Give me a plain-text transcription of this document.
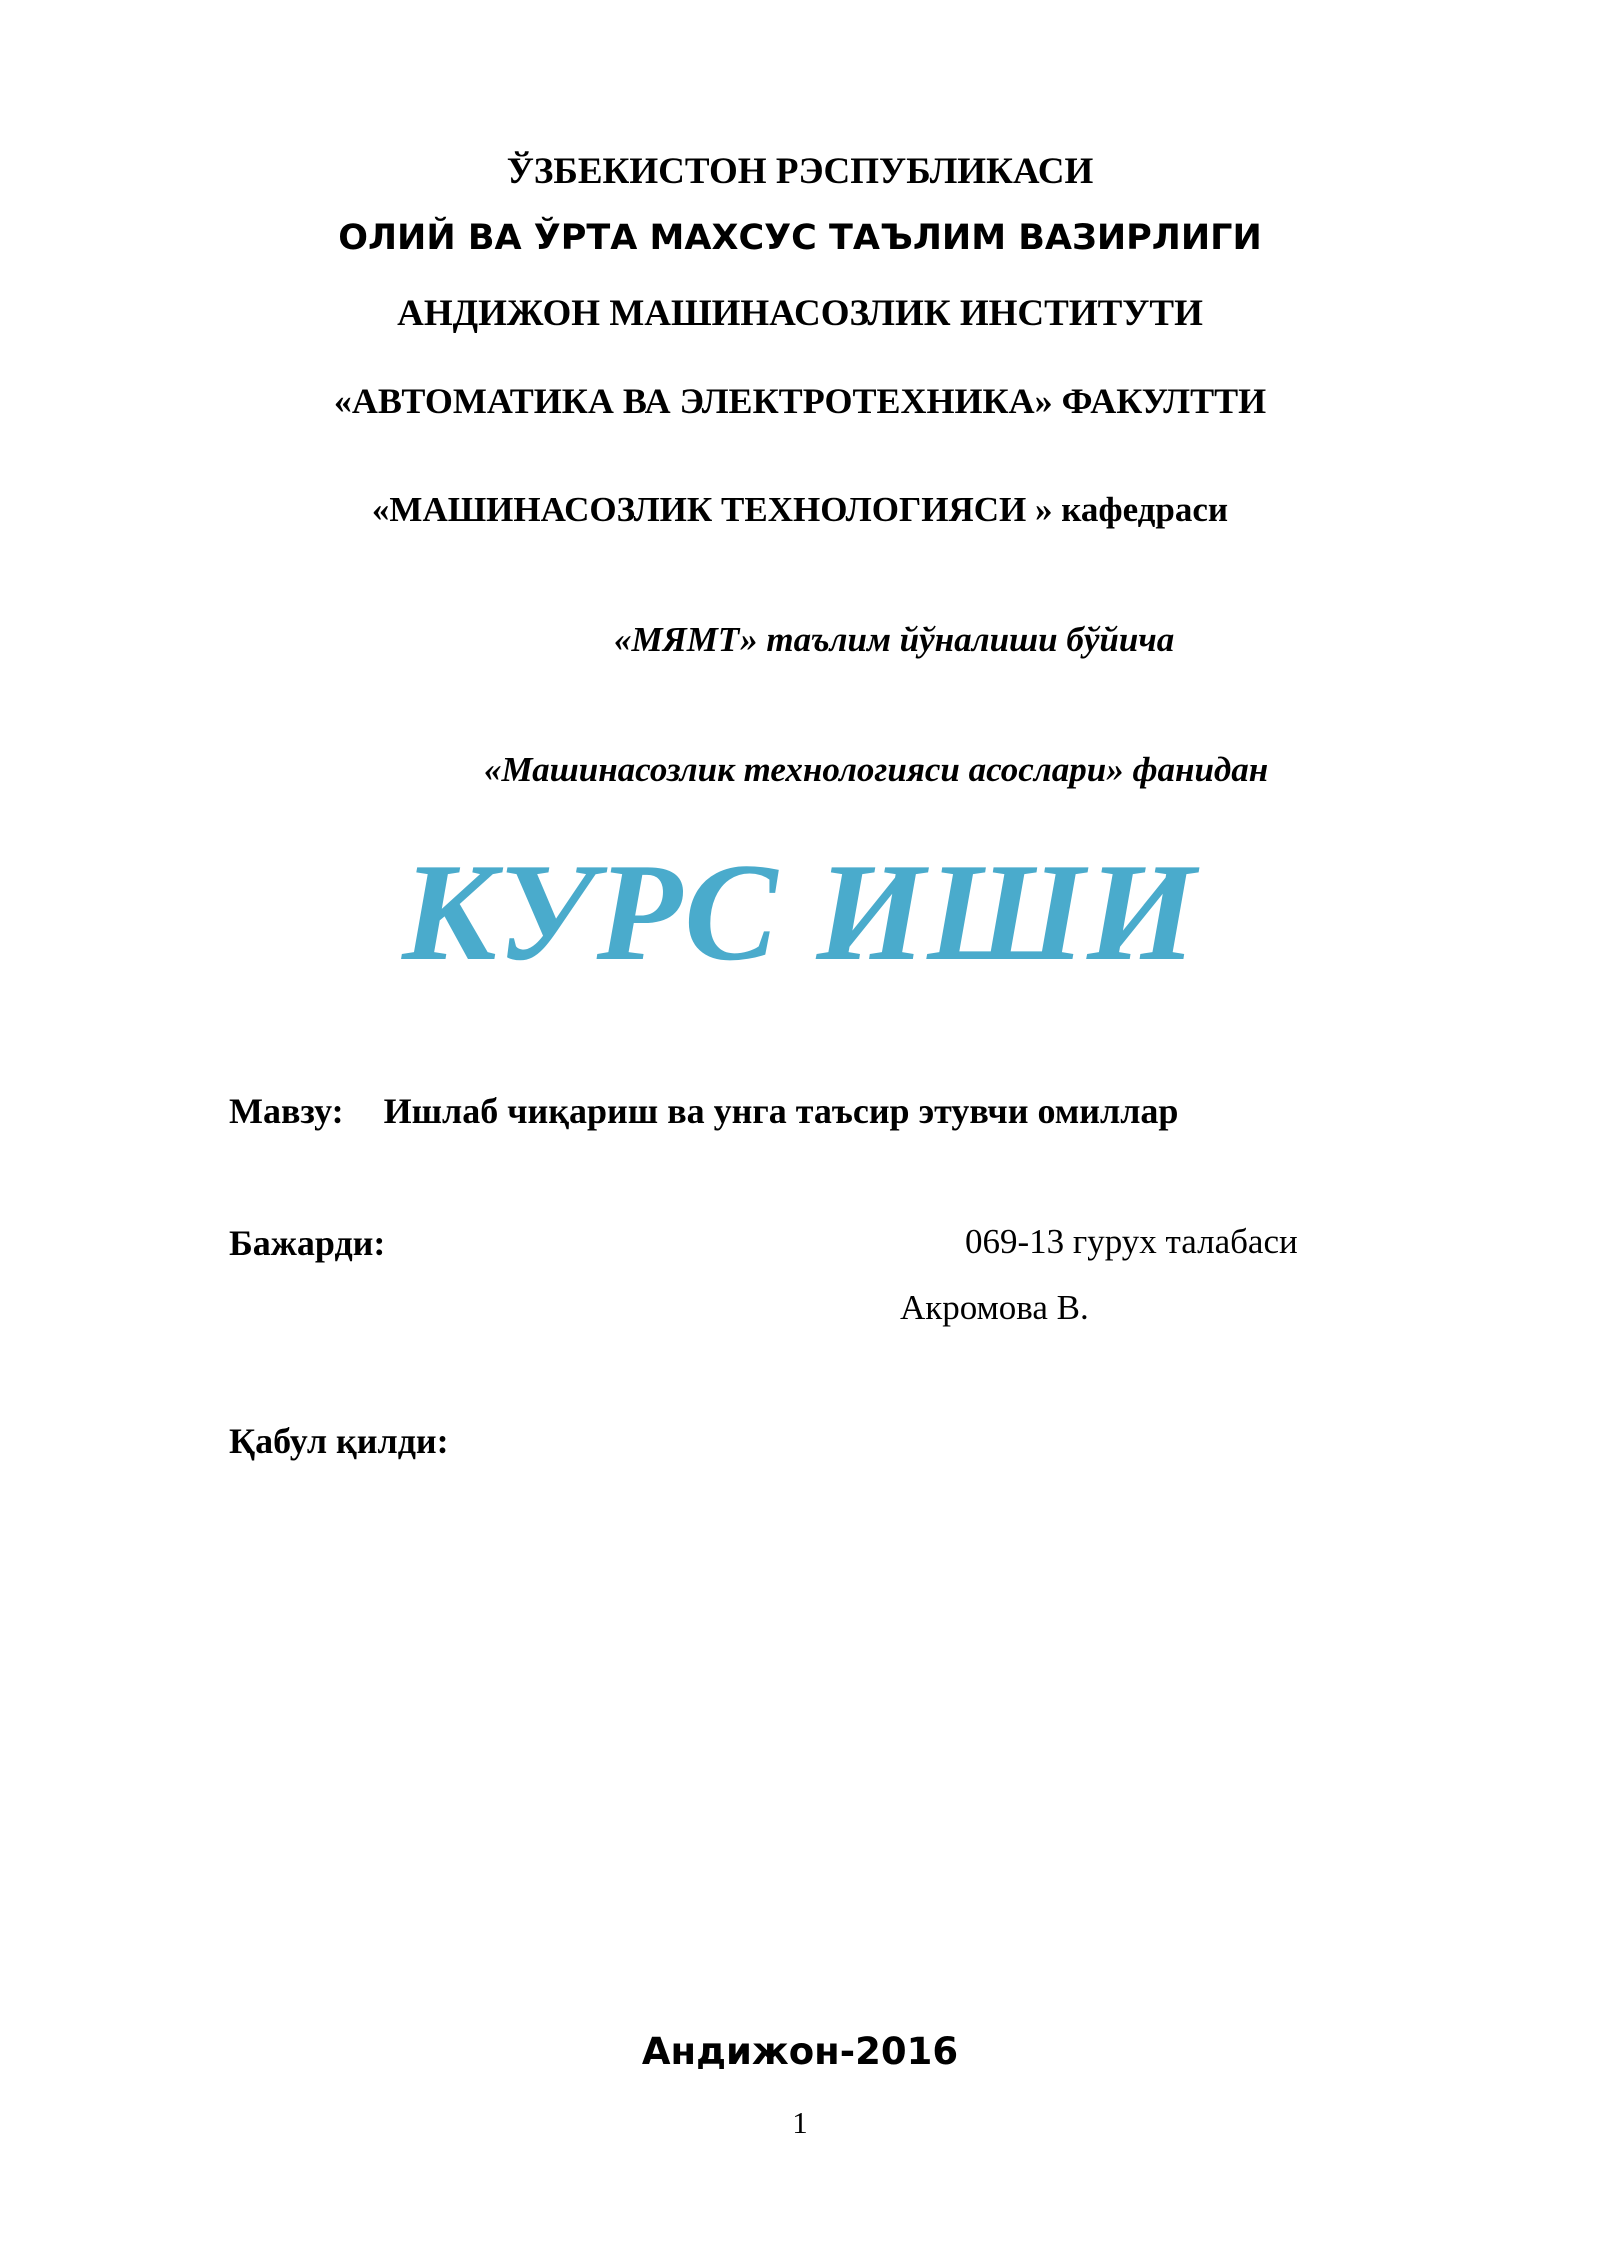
ЎЗБЕКИСТОН РЭСПУБЛИКАСИ
ОЛИЙ ВА ЎРТА МАХСУС ТАЪЛИМ ВАЗИРЛИГИ
АНДИЖОН МАШИНАСОЗЛИК ИНСТИТУТИ
«АВТОМАТИКА ВА ЭЛЕКТРОТЕХНИКА» ФАКУЛТТИ
«МАШИНАСОЗЛИК ТЕХНОЛОГИЯСИ » кафедраси
«МЯМТ» таълим йўналиши бўйича
«Машинасозлик технологияси асослари» фанидан
КУРС ИШИ
Мавзу: Ишлаб чиқариш ва унга таъсир этувчи омиллар
Бажарди:	069-13 гурух талабаси
Акромова В.
Қабул қилди:
Андижон-2016
1
